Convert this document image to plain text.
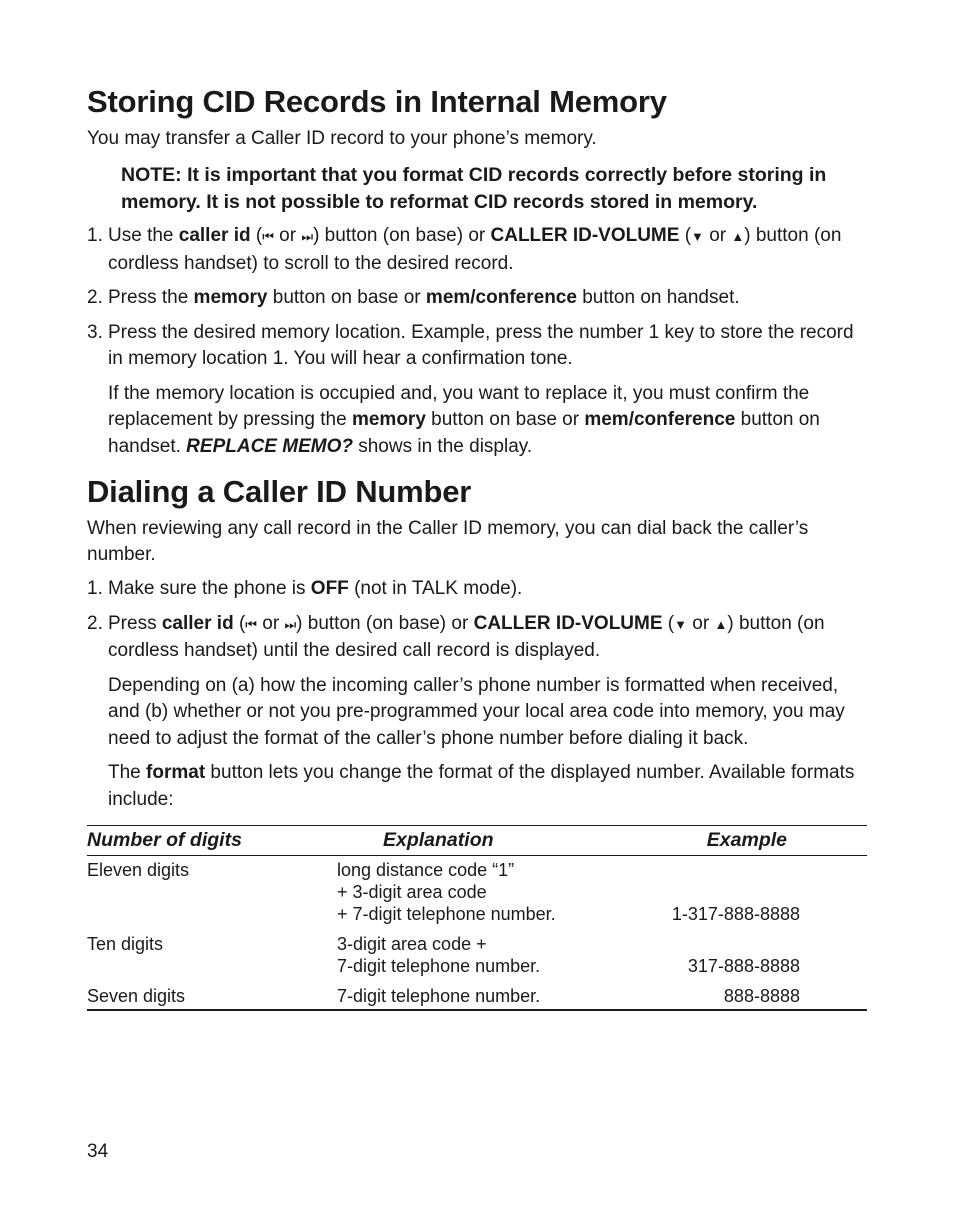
Storing CID Records in Internal Memory

You may transfer a Caller ID record to your phone’s memory.

NOTE: It is important that you format CID records correctly before storing in memory. It is not possible to reformat CID records stored in memory.

1. Use the caller id (⏮ or ⏭) button (on base) or CALLER ID-VOLUME (▼ or ▲) button (on cordless handset) to scroll to the desired record.
2. Press the memory button on base or mem/conference button on handset.
3. Press the desired memory location. Example, press the number 1 key to store the record in memory location 1. You will hear a confirmation tone.

If the memory location is occupied and, you want to replace it, you must confirm the replacement by pressing the memory button on base or mem/conference button on handset. REPLACE MEMO? shows in the display.

Dialing a Caller ID Number

When reviewing any call record in the Caller ID memory, you can dial back the caller’s number.

1. Make sure the phone is OFF (not in TALK mode).
2. Press caller id (⏮ or ⏭) button (on base) or CALLER ID-VOLUME (▼ or ▲) button (on cordless handset) until the desired call record is displayed.

Depending on (a) how the incoming caller’s phone number is formatted when received, and (b) whether or not you pre-programmed your local area code into memory, you may need to adjust the format of the caller’s phone number before dialing it back.

The format button lets you change the format of the displayed number. Available formats include:

Number of digits	Explanation	Example
Eleven digits	long distance code “1”
+ 3-digit area code
+ 7-digit telephone number.	1-317-888-8888
Ten digits	3-digit area code +
7-digit telephone number.	317-888-8888
Seven digits	7-digit telephone number.	888-8888
34
